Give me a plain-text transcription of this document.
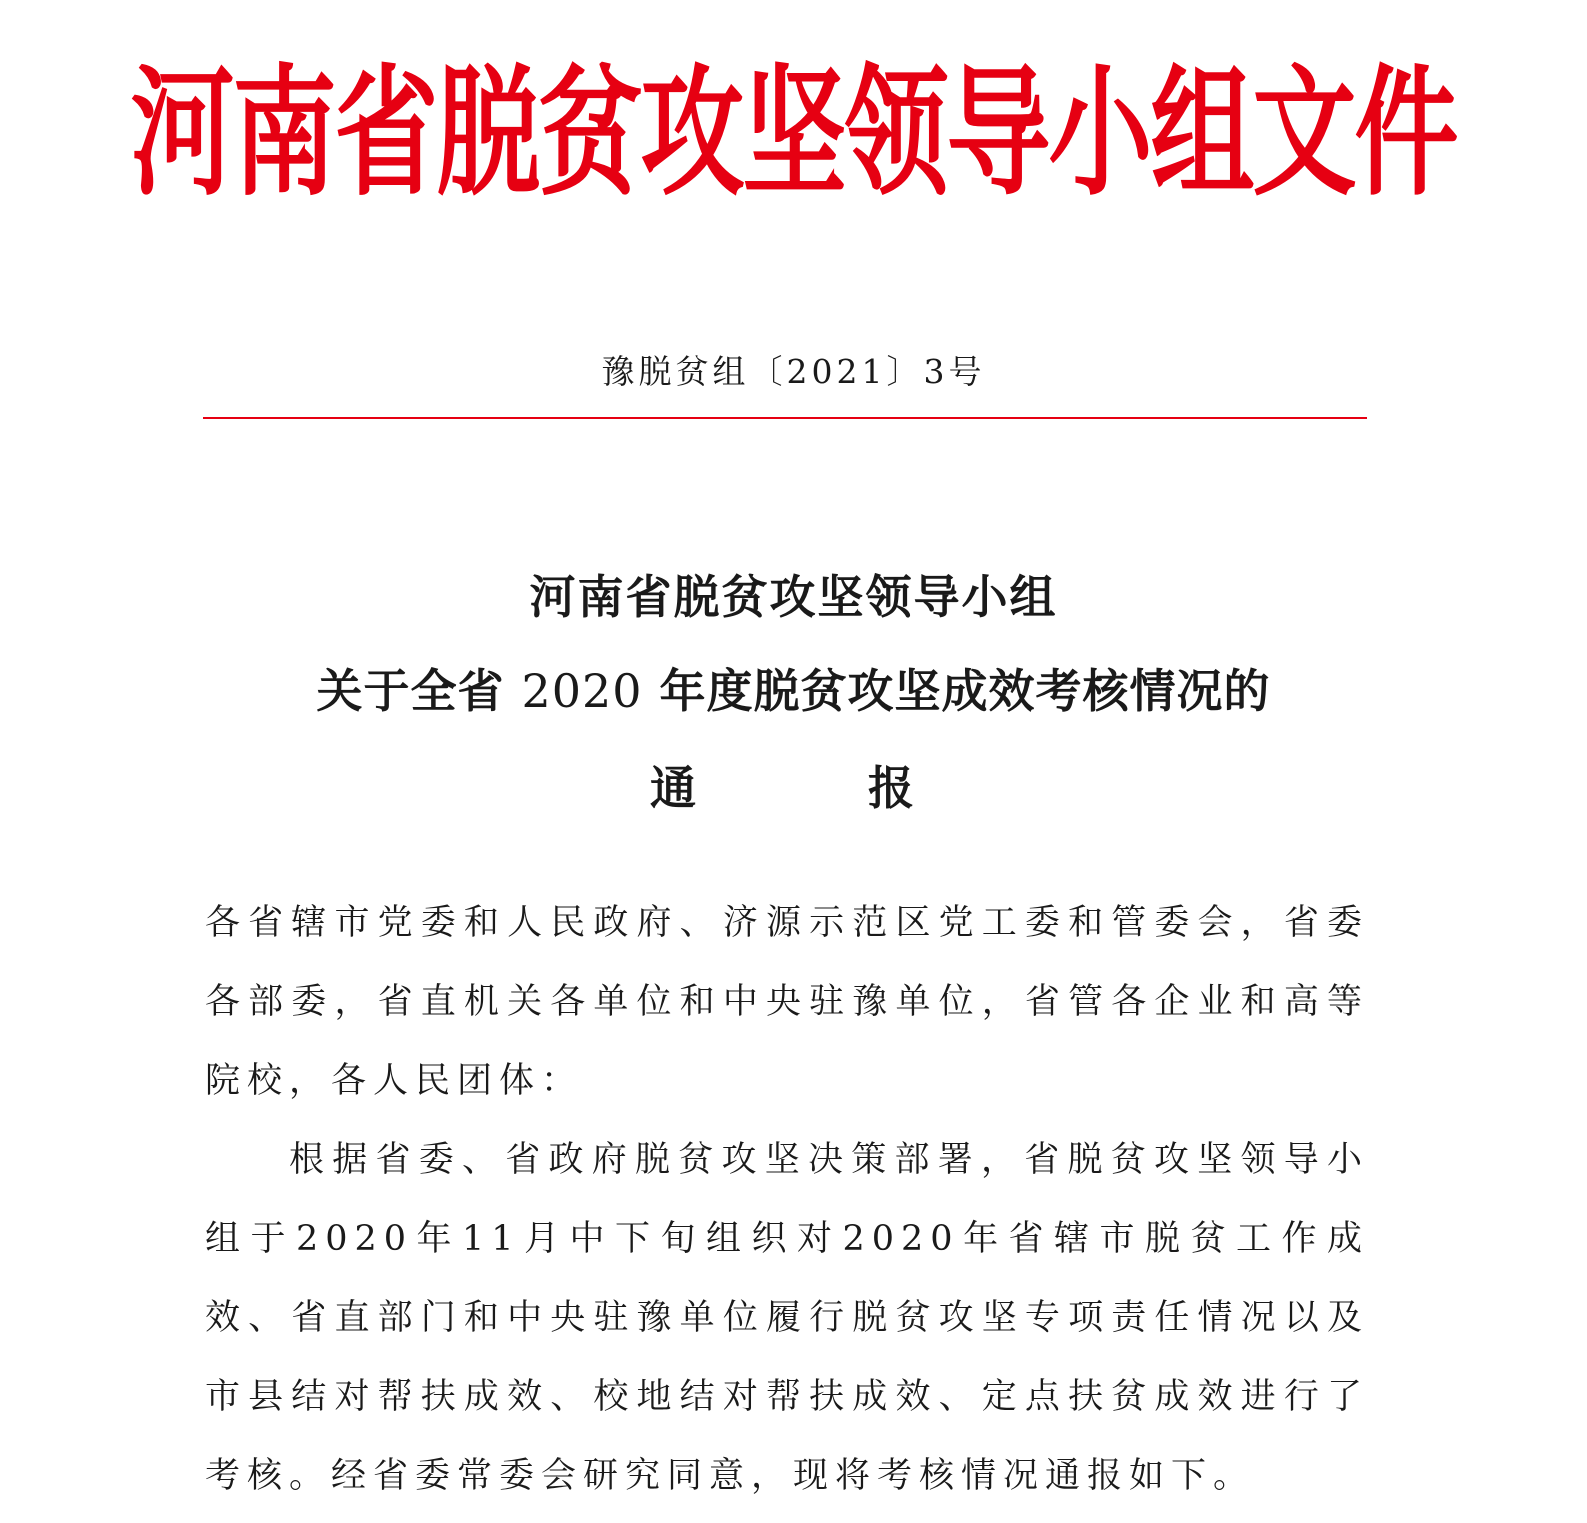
河南省脱贫攻坚领导小组文件
豫脱贫组〔2021〕3号
河南省脱贫攻坚领导小组
关于全省 2020 年度脱贫攻坚成效考核情况的
通	报

各省辖市党委和人民政府、济源示范区党工委和管委会，省委各部委，省直机关各单位和中央驻豫单位，省管各企业和高等院校，各人民团体：

根据省委、省政府脱贫攻坚决策部署，省脱贫攻坚领导小组于2020年11月中下旬组织对2020年省辖市脱贫工作成效、省直部门和中央驻豫单位履行脱贫攻坚专项责任情况以及市县结对帮扶成效、校地结对帮扶成效、定点扶贫成效进行了考核。经省委常委会研究同意，现将考核情况通报如下。
